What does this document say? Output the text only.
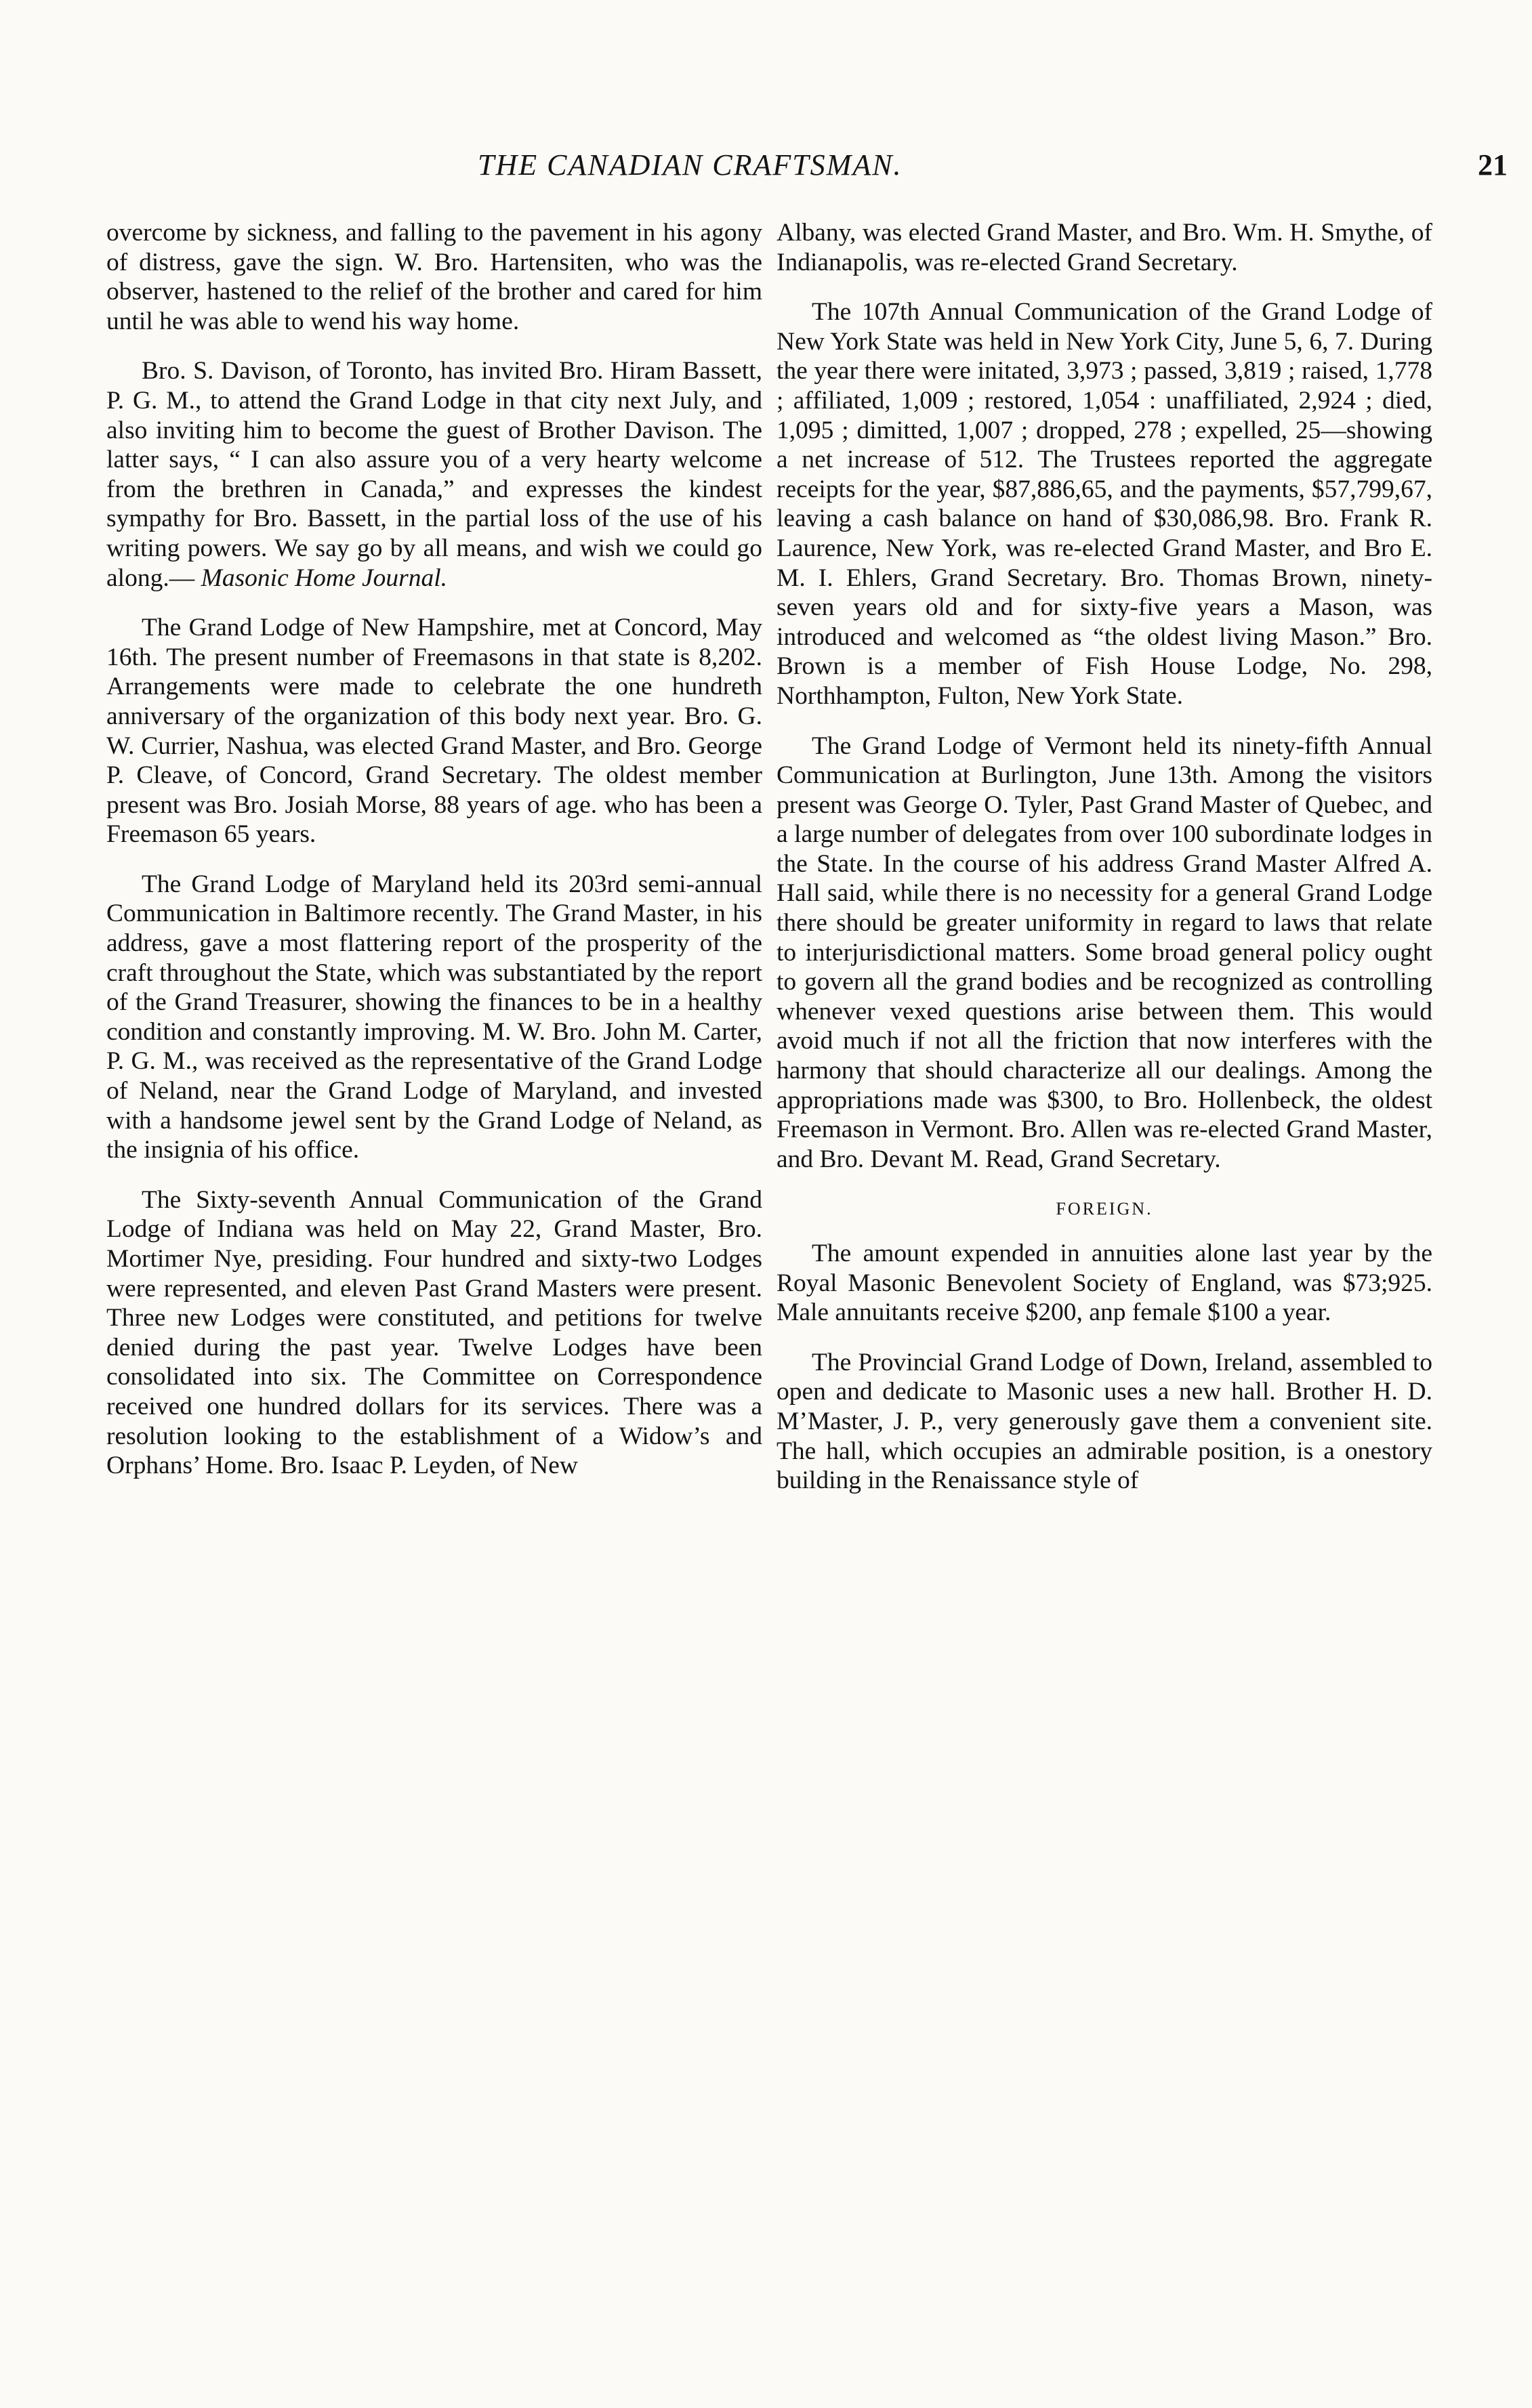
THE CANADIAN CRAFTSMAN.	21

overcome by sickness, and falling to the pavement in his agony of distress, gave the sign. W. Bro. Hartensiten, who was the observer, hastened to the relief of the brother and cared for him until he was able to wend his way home.

Bro. S. Davison, of Toronto, has invited Bro. Hiram Bassett, P. G. M., to attend the Grand Lodge in that city next July, and also inviting him to become the guest of Brother Davison. The latter says, “ I can also assure you of a very hearty welcome from the brethren in Canada,” and expresses the kindest sympathy for Bro. Bassett, in the partial loss of the use of his writing powers. We say go by all means, and wish we could go along.— Masonic Home Journal.

The Grand Lodge of New Hampshire, met at Concord, May 16th. The present number of Freemasons in that state is 8,202. Arrangements were made to celebrate the one hundreth anniversary of the organization of this body next year. Bro. G. W. Currier, Nashua, was elected Grand Master, and Bro. George P. Cleave, of Concord, Grand Secretary. The oldest member present was Bro. Josiah Morse, 88 years of age. who has been a Freemason 65 years.

The Grand Lodge of Maryland held its 203rd semi-annual Communication in Baltimore recently. The Grand Master, in his address, gave a most flattering report of the prosperity of the craft throughout the State, which was substantiated by the report of the Grand Treasurer, showing the finances to be in a healthy condition and constantly improving. M. W. Bro. John M. Carter, P. G. M., was received as the representative of the Grand Lodge of Neland, near the Grand Lodge of Maryland, and invested with a handsome jewel sent by the Grand Lodge of Neland, as the insignia of his office.

The Sixty-seventh Annual Communication of the Grand Lodge of Indiana was held on May 22, Grand Master, Bro. Mortimer Nye, presiding. Four hundred and sixty-two Lodges were represented, and eleven Past Grand Masters were present. Three new Lodges were constituted, and petitions for twelve denied during the past year. Twelve Lodges have been consolidated into six. The Committee on Correspondence received one hundred dollars for its services. There was a resolution looking to the establishment of a Widow’s and Orphans’ Home. Bro. Isaac P. Leyden, of New

Albany, was elected Grand Master, and Bro. Wm. H. Smythe, of Indianapolis, was re-elected Grand Secretary.

The 107th Annual Communication of the Grand Lodge of New York State was held in New York City, June 5, 6, 7. During the year there were initated, 3,973 ; passed, 3,819 ; raised, 1,778 ; affiliated, 1,009 ; restored, 1,054 : unaffiliated, 2,924 ; died, 1,095 ; dimitted, 1,007 ; dropped, 278 ; expelled, 25—showing a net increase of 512. The Trustees reported the aggregate receipts for the year, $87,886,65, and the payments, $57,799,67, leaving a cash balance on hand of $30,086,98. Bro. Frank R. Laurence, New York, was re-elected Grand Master, and Bro E. M. I. Ehlers, Grand Secretary. Bro. Thomas Brown, ninety-seven years old and for sixty-five years a Mason, was introduced and welcomed as “the oldest living Mason.” Bro. Brown is a member of Fish House Lodge, No. 298, Northhampton, Fulton, New York State.

The Grand Lodge of Vermont held its ninety-fifth Annual Communication at Burlington, June 13th. Among the visitors present was George O. Tyler, Past Grand Master of Quebec, and a large number of delegates from over 100 subordinate lodges in the State. In the course of his address Grand Master Alfred A. Hall said, while there is no necessity for a general Grand Lodge there should be greater uniformity in regard to laws that relate to interjurisdictional matters. Some broad general policy ought to govern all the grand bodies and be recognized as controlling whenever vexed questions arise between them. This would avoid much if not all the friction that now interferes with the harmony that should characterize all our dealings. Among the appropriations made was $300, to Bro. Hollenbeck, the oldest Freemason in Vermont. Bro. Allen was re-elected Grand Master, and Bro. Devant M. Read, Grand Secretary.

FOREIGN.

The amount expended in annuities alone last year by the Royal Masonic Benevolent Society of England, was $73;925. Male annuitants receive $200, anp female $100 a year.

The Provincial Grand Lodge of Down, Ireland, assembled to open and dedicate to Masonic uses a new hall. Brother H. D. M’Master, J. P., very generously gave them a convenient site. The hall, which occupies an admirable position, is a onestory building in the Renaissance style of
